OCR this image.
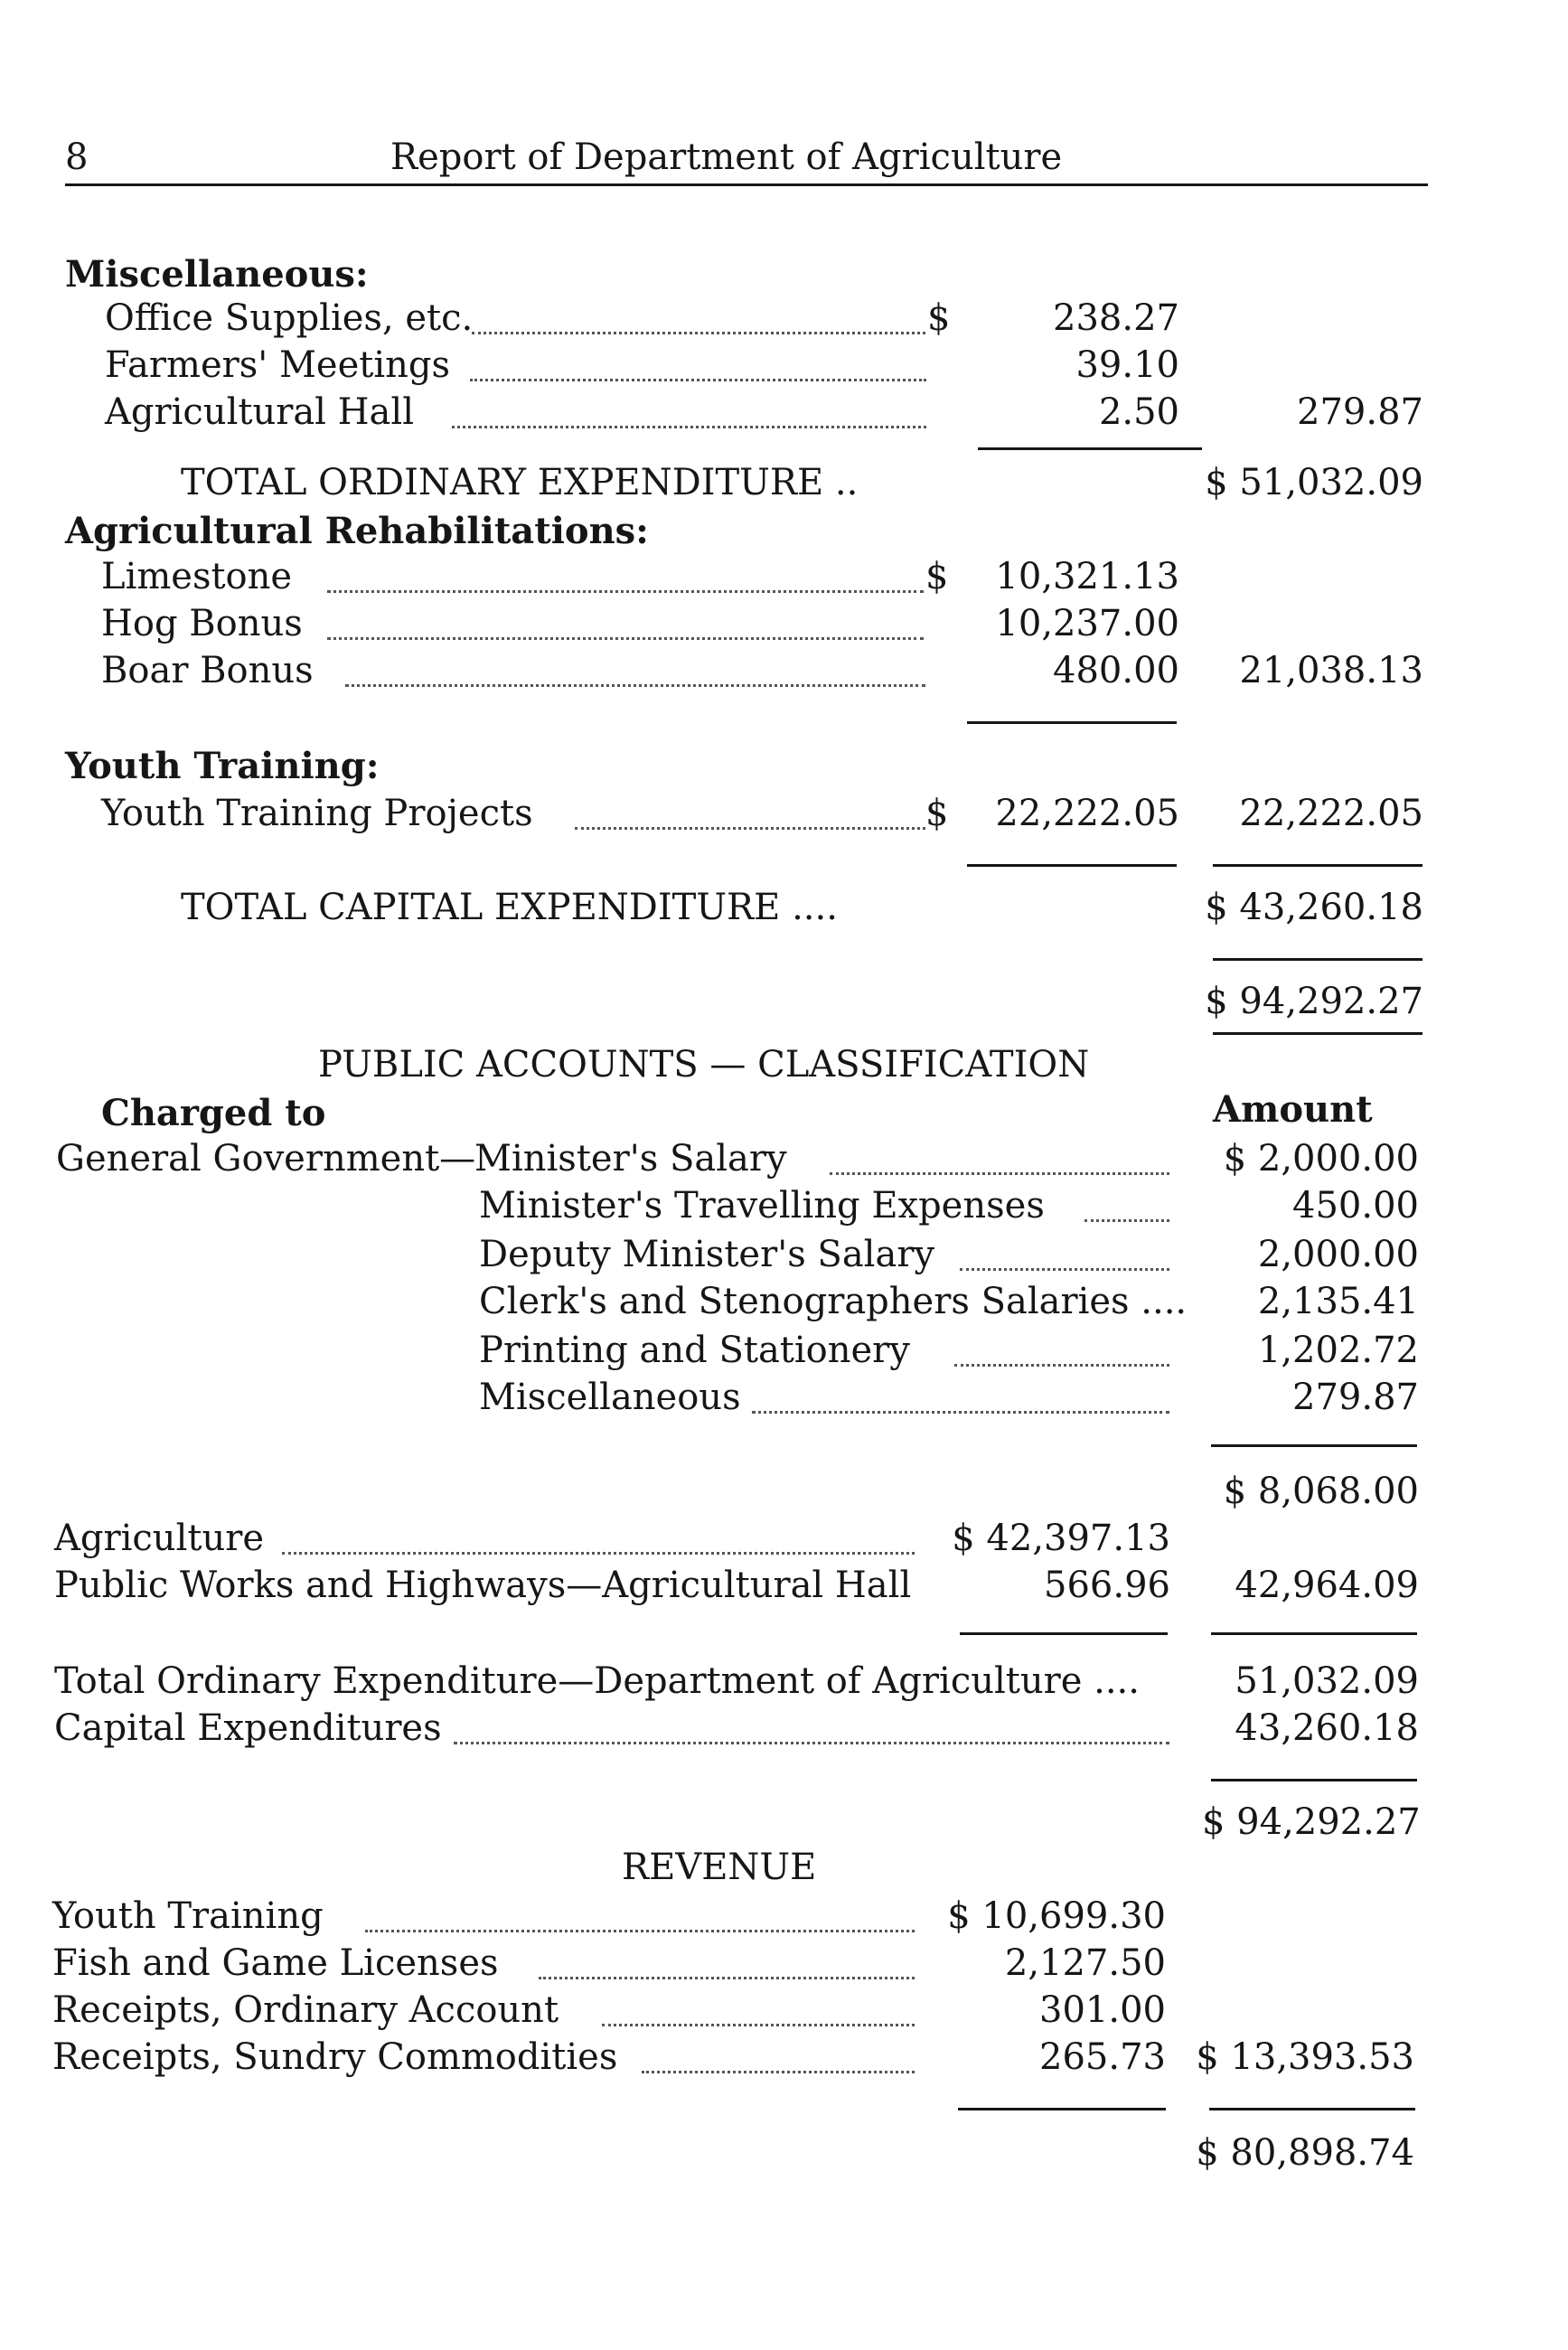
8	Report of Department of Agriculture
Miscellaneous:
Office Supplies, etc.	$	238.27
Farmers' Meetings	39.10
Agricultural Hall	2.50	279.87
TOTAL ORDINARY EXPENDITURE ..	$ 51,032.09
Agricultural Rehabilitations:
Limestone	$	10,321.13
Hog Bonus	10,237.00
Boar Bonus	480.00	21,038.13
Youth Training:
Youth Training Projects	$	22,222.05	22,222.05
TOTAL CAPITAL EXPENDITURE ....	$ 43,260.18
$ 94,292.27
PUBLIC ACCOUNTS — CLASSIFICATION
Charged to	Amount
General Government—
Minister's Salary	$ 2,000.00
Minister's Travelling Expenses	450.00
Deputy Minister's Salary	2,000.00
Clerk's and Stenographers Salaries ....	2,135.41
Printing and Stationery	1,202.72
Miscellaneous	279.87
$ 8,068.00
Agriculture	$ 42,397.13
Public Works and Highways—Agricultural Hall	566.96	42,964.09
Total Ordinary Expenditure—Department of Agriculture ....	51,032.09
Capital Expenditures	43,260.18
$ 94,292.27
REVENUE
Youth Training	$ 10,699.30
Fish and Game Licenses	2,127.50
Receipts, Ordinary Account	301.00
Receipts, Sundry Commodities	265.73 $ 13,393.53
$ 80,898.74
